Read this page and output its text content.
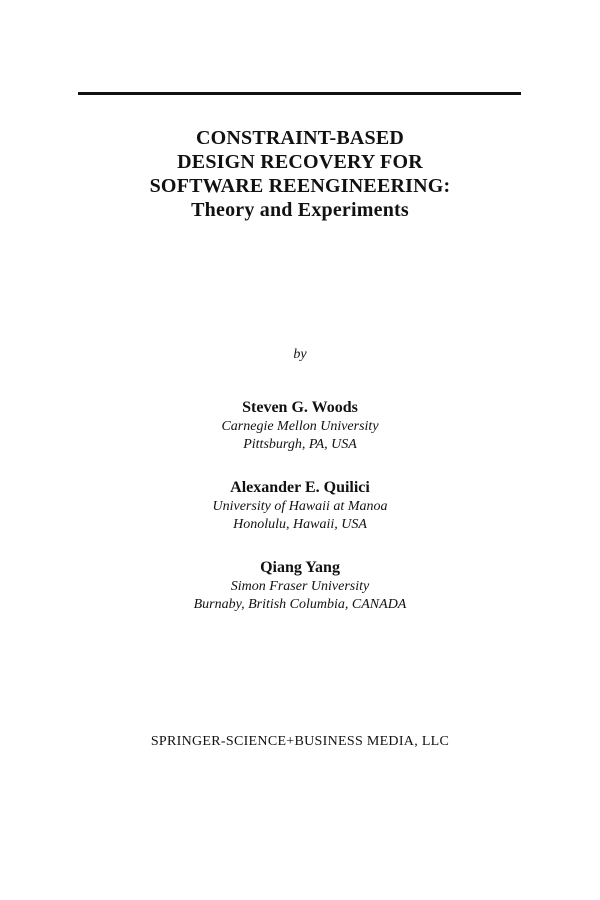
CONSTRAINT-BASED
DESIGN RECOVERY FOR
SOFTWARE REENGINEERING:
Theory and Experiments
by
Steven G. Woods
Carnegie Mellon University
Pittsburgh, PA, USA
Alexander E. Quilici
University of Hawaii at Manoa
Honolulu, Hawaii, USA
Qiang Yang
Simon Fraser University
Burnaby, British Columbia, CANADA
SPRINGER-SCIENCE+BUSINESS MEDIA, LLC
